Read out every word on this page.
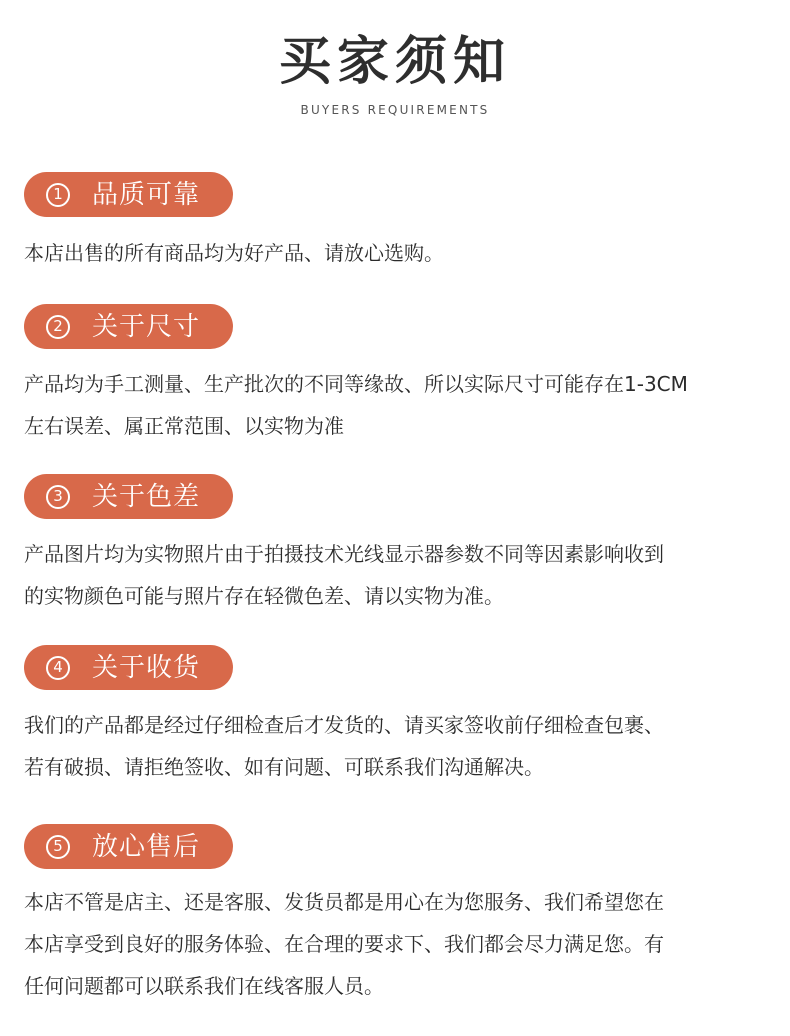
买家须知
BUYERS REQUIREMENTS
1 品质可靠
本店出售的所有商品均为好产品、请放心选购。
2 关于尺寸
产品均为手工测量、生产批次的不同等缘故、所以实际尺寸可能存在1-3CM
左右误差、属正常范围、以实物为准
3 关于色差
产品图片均为实物照片由于拍摄技术光线显示器参数不同等因素影响收到
的实物颜色可能与照片存在轻微色差、请以实物为准。
4 关于收货
我们的产品都是经过仔细检查后才发货的、请买家签收前仔细检查包裹、
若有破损、请拒绝签收、如有问题、可联系我们沟通解决。
5 放心售后
本店不管是店主、还是客服、发货员都是用心在为您服务、我们希望您在
本店享受到良好的服务体验、在合理的要求下、我们都会尽力满足您。有
任何问题都可以联系我们在线客服人员。
